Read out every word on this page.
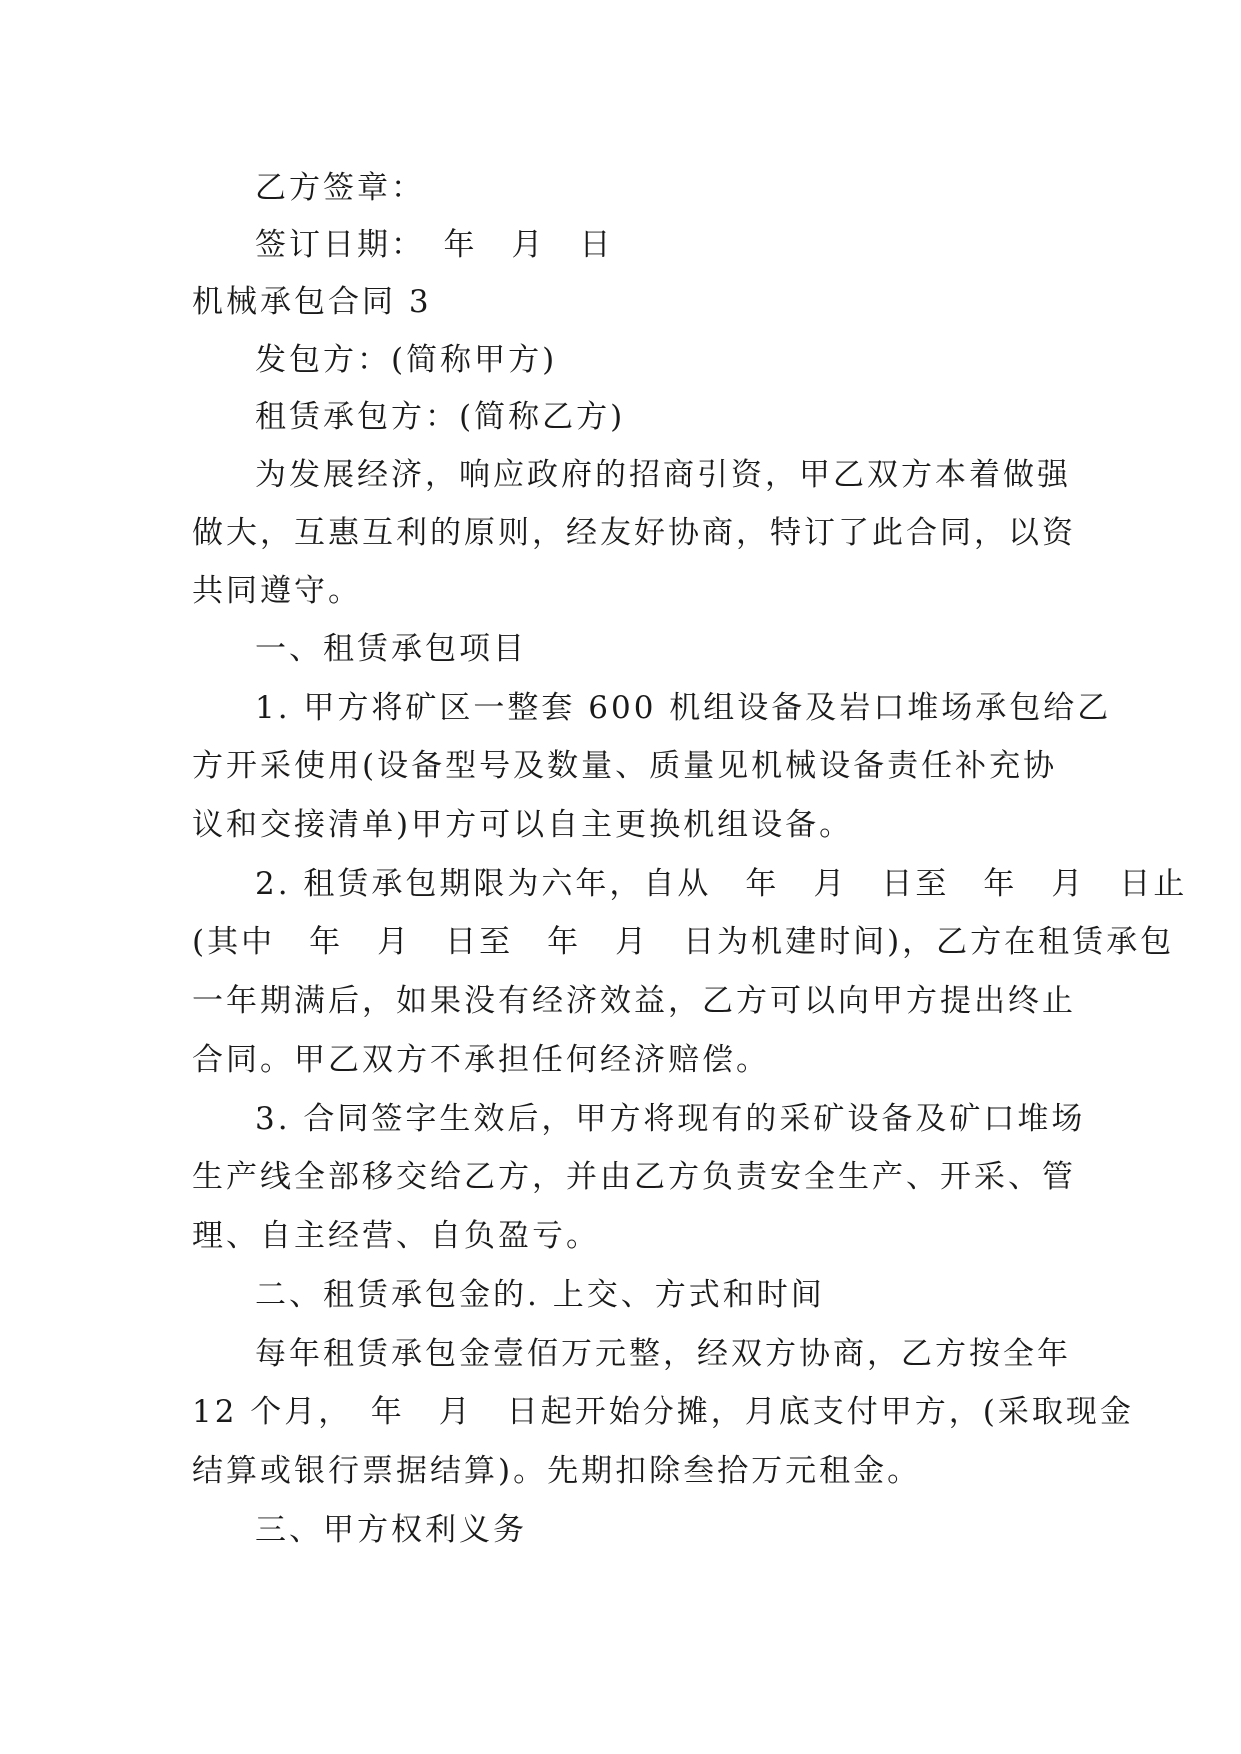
乙方签章：
签订日期：　年　月　日
机械承包合同 3
发包方：(简称甲方)
租赁承包方：(简称乙方)
为发展经济，响应政府的招商引资，甲乙双方本着做强
做大，互惠互利的原则，经友好协商，特订了此合同，以资
共同遵守。
一、租赁承包项目
1. 甲方将矿区一整套 600 机组设备及岩口堆场承包给乙
方开采使用(设备型号及数量、质量见机械设备责任补充协
议和交接清单)甲方可以自主更换机组设备。
2. 租赁承包期限为六年，自从　年　月　日至　年　月　日止
(其中　年　月　日至　年　月　日为机建时间)，乙方在租赁承包
一年期满后，如果没有经济效益，乙方可以向甲方提出终止
合同。甲乙双方不承担任何经济赔偿。
3. 合同签字生效后，甲方将现有的采矿设备及矿口堆场
生产线全部移交给乙方，并由乙方负责安全生产、开采、管
理、自主经营、自负盈亏。
二、租赁承包金的. 上交、方式和时间
每年租赁承包金壹佰万元整，经双方协商，乙方按全年
12 个月，　年　月　日起开始分摊，月底支付甲方，(采取现金
结算或银行票据结算)。先期扣除叁拾万元租金。
三、甲方权利义务
